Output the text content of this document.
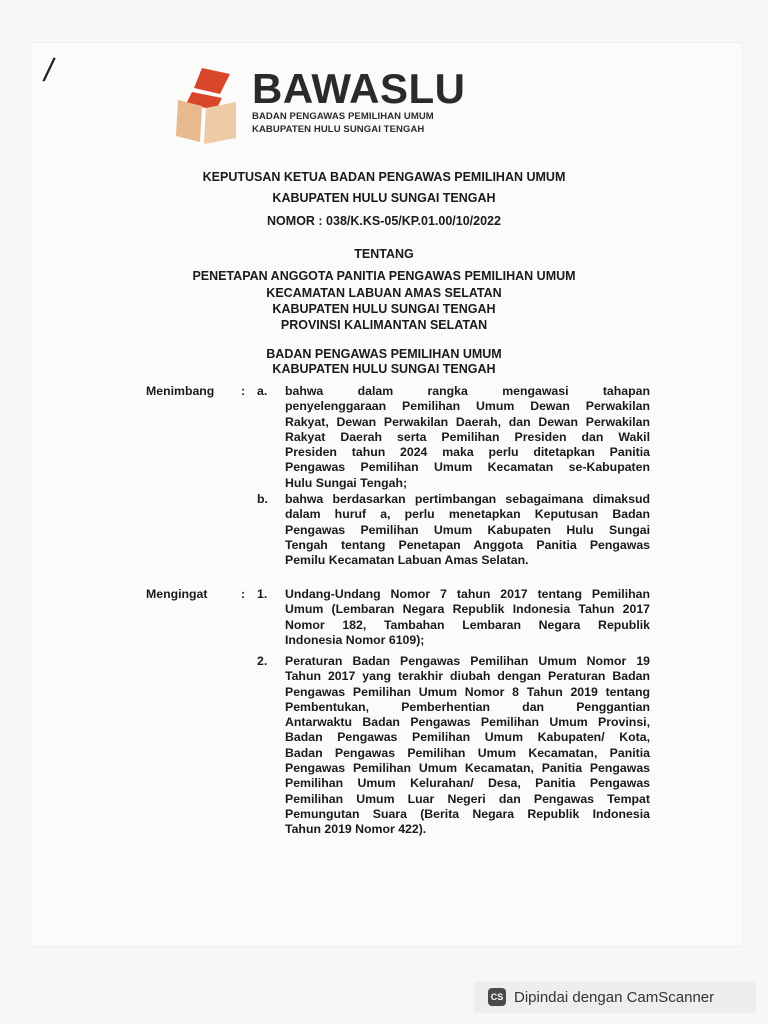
/	BAWASLU
BADAN PENGAWAS PEMILIHAN UMUM
KABUPATEN HULU SUNGAI TENGAH
KEPUTUSAN KETUA BADAN PENGAWAS PEMILIHAN UMUM
KABUPATEN HULU SUNGAI TENGAH
NOMOR : 038/K.KS-05/KP.01.00/10/2022
TENTANG
PENETAPAN ANGGOTA PANITIA PENGAWAS PEMILIHAN UMUM
KECAMATAN LABUAN AMAS SELATAN
KABUPATEN HULU SUNGAI TENGAH
PROVINSI KALIMANTAN SELATAN
BADAN PENGAWAS PEMILIHAN UMUM
KABUPATEN HULU SUNGAI TENGAH
Menimbang : a. bahwa dalam rangka mengawasi tahapan
penyelenggaraan Pemilihan Umum Dewan Perwakilan
Rakyat, Dewan Perwakilan Daerah, dan Dewan Perwakilan
Rakyat Daerah serta Pemilihan Presiden dan Wakil
Presiden tahun 2024 maka perlu ditetapkan Panitia
Pengawas Pemilihan Umum Kecamatan se-Kabupaten
Hulu Sungai Tengah;
b. bahwa berdasarkan pertimbangan sebagaimana dimaksud
dalam huruf a, perlu menetapkan Keputusan Badan
Pengawas Pemilihan Umum Kabupaten Hulu Sungai
Tengah tentang Penetapan Anggota Panitia Pengawas
Pemilu Kecamatan Labuan Amas Selatan.
Mengingat	: 1. Undang-Undang Nomor 7 tahun 2017 tentang Pemilihan
Umum (Lembaran Negara Republik Indonesia Tahun 2017
Nomor 182, Tambahan Lembaran Negara Republik
Indonesia Nomor 6109);
2. Peraturan Badan Pengawas Pemilihan Umum Nomor 19
Tahun 2017 yang terakhir diubah dengan Peraturan Badan
Pengawas Pemilihan Umum Nomor 8 Tahun 2019 tentang
Pembentukan, Pemberhentian dan Penggantian
Antarwaktu Badan Pengawas Pemilihan Umum Provinsi,
Badan Pengawas Pemilihan Umum Kabupaten/ Kota,
Badan Pengawas Pemilihan Umum Kecamatan, Panitia
Pengawas Pemilihan Umum Kecamatan, Panitia Pengawas
Pemilihan Umum Kelurahan/ Desa, Panitia Pengawas
Pemilihan Umum Luar Negeri dan Pengawas Tempat
Pemungutan Suara (Berita Negara Republik Indonesia
Tahun 2019 Nomor 422).
CS Dipindai dengan CamScanner
